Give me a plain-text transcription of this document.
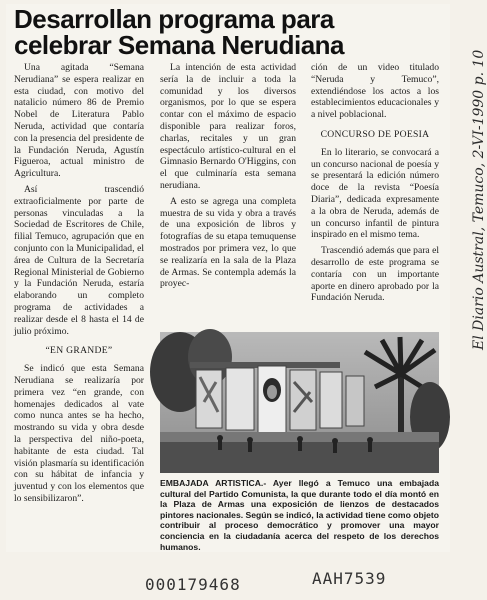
Desarrollan programa para
celebrar Semana Nerudiana

Una agitada “Semana Nerudiana” se espera realizar en esta ciudad, con motivo del natalicio número 86 de Premio Nobel de Literatura Pablo Neruda, actividad que contaría con la presencia del presidente de la Fundación Neruda, Agustín Figueroa, actual ministro de Agricultura.

Así trascendió extraoficialmente por parte de personas vinculadas a la Sociedad de Escritores de Chile, filial Temuco, agrupación que en conjunto con la Municipalidad, el área de Cultura de la Secretaría Regional Ministerial de Gobierno y la Fundación Neruda, estaría elaborando un completo programa de actividades a realizar desde el 8 hasta el 14 de julio próximo.

“EN GRANDE”

Se indicó que esta Semana Nerudiana se realizaría por primera vez “en grande, con homenajes dedicados al vate como nunca antes se ha hecho, mostrando su vida y obra desde la perspectiva del niño-poeta, habitante de esta ciudad. Tal visión plasmaría su identificación con su hábitat de infancia y juventud y con los elementos que lo sensibilizaron”.

La intención de esta actividad sería la de incluir a toda la comunidad y los diversos organismos, por lo que se espera contar con el máximo de espacio disponible para realizar foros, charlas, recitales y un gran espectáculo artístico-cultural en el Gimnasio Bernardo O'Higgins, con el que culminaría esta semana nerudiana.

A esto se agrega una completa muestra de su vida y obra a través de una exposición de libros y fotografías de su etapa temuquense mostrados por primera vez, lo que se realizaría en la sala de la Plaza de Armas. Se contempla además la proyec-

ción de un video titulado “Neruda y Temuco”, extendiéndose los actos a los establecimientos educacionales y a nivel poblacional.

CONCURSO DE POESIA

En lo literario, se convocará a un concurso nacional de poesía y se presentará la edición número doce de la revista “Poesía Diaria”, dedicada expresamente a la obra de Neruda, además de un concurso infantil de pintura inspirado en el mismo tema.

Trascendió además que para el desarrollo de este programa se contaría con un importante aporte en dinero aprobado por la Fundación Neruda.

EMBAJADA ARTISTICA.- Ayer llegó a Temuco una embajada cultural del Partido Comunista, la que durante todo el día montó en la Plaza de Armas una exposición de lienzos de destacados pintores nacionales. Según se indicó, la actividad tiene como objeto contribuir al proceso democrático y promover una mayor conciencia en la ciudadanía acerca del respeto de los derechos humanos.
El Diario Austral, Temuco, 2-VI-1990 p. 10
000179468	AAH7539
